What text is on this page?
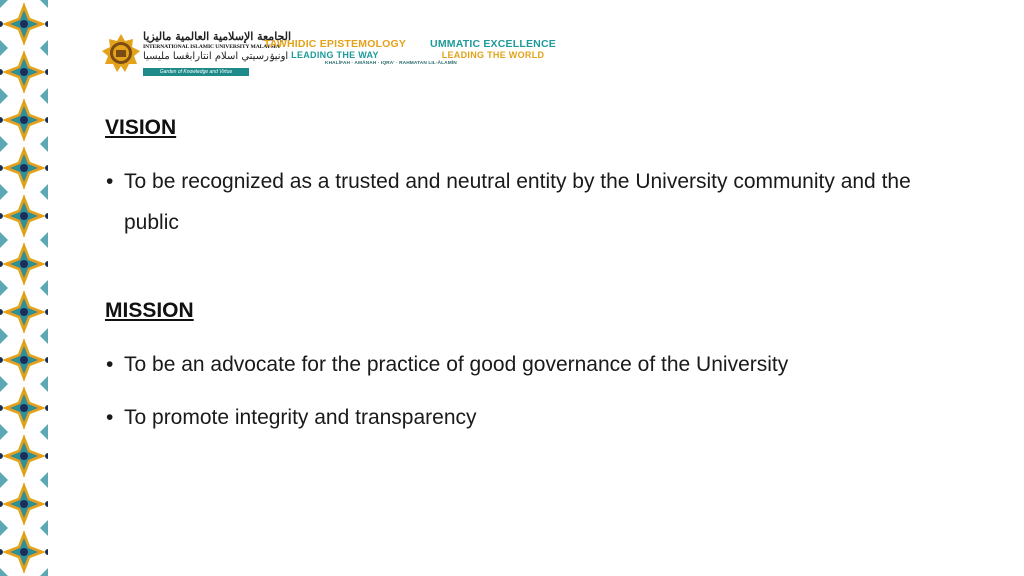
الجامعة الإسلامية العالمية ماليزيا
INTERNATIONAL ISLAMIC UNIVERSITY MALAYSIA
اونيۏرسيتي اسلام انتارابڠسا مليسيا
Garden of Knowledge and Virtue
TAWHIDIC EPISTEMOLOGY
LEADING THE WAY
UMMATIC EXCELLENCE
LEADING THE WORLD
KHALĪFAH · AMĀNAH · IQRA' · RAHMATAN LIL-ĀLAMĪN
VISION
• To be recognized as a trusted and neutral entity by the University community and the public
MISSION
• To be an advocate for the practice of good governance of the University
• To promote integrity and transparency
